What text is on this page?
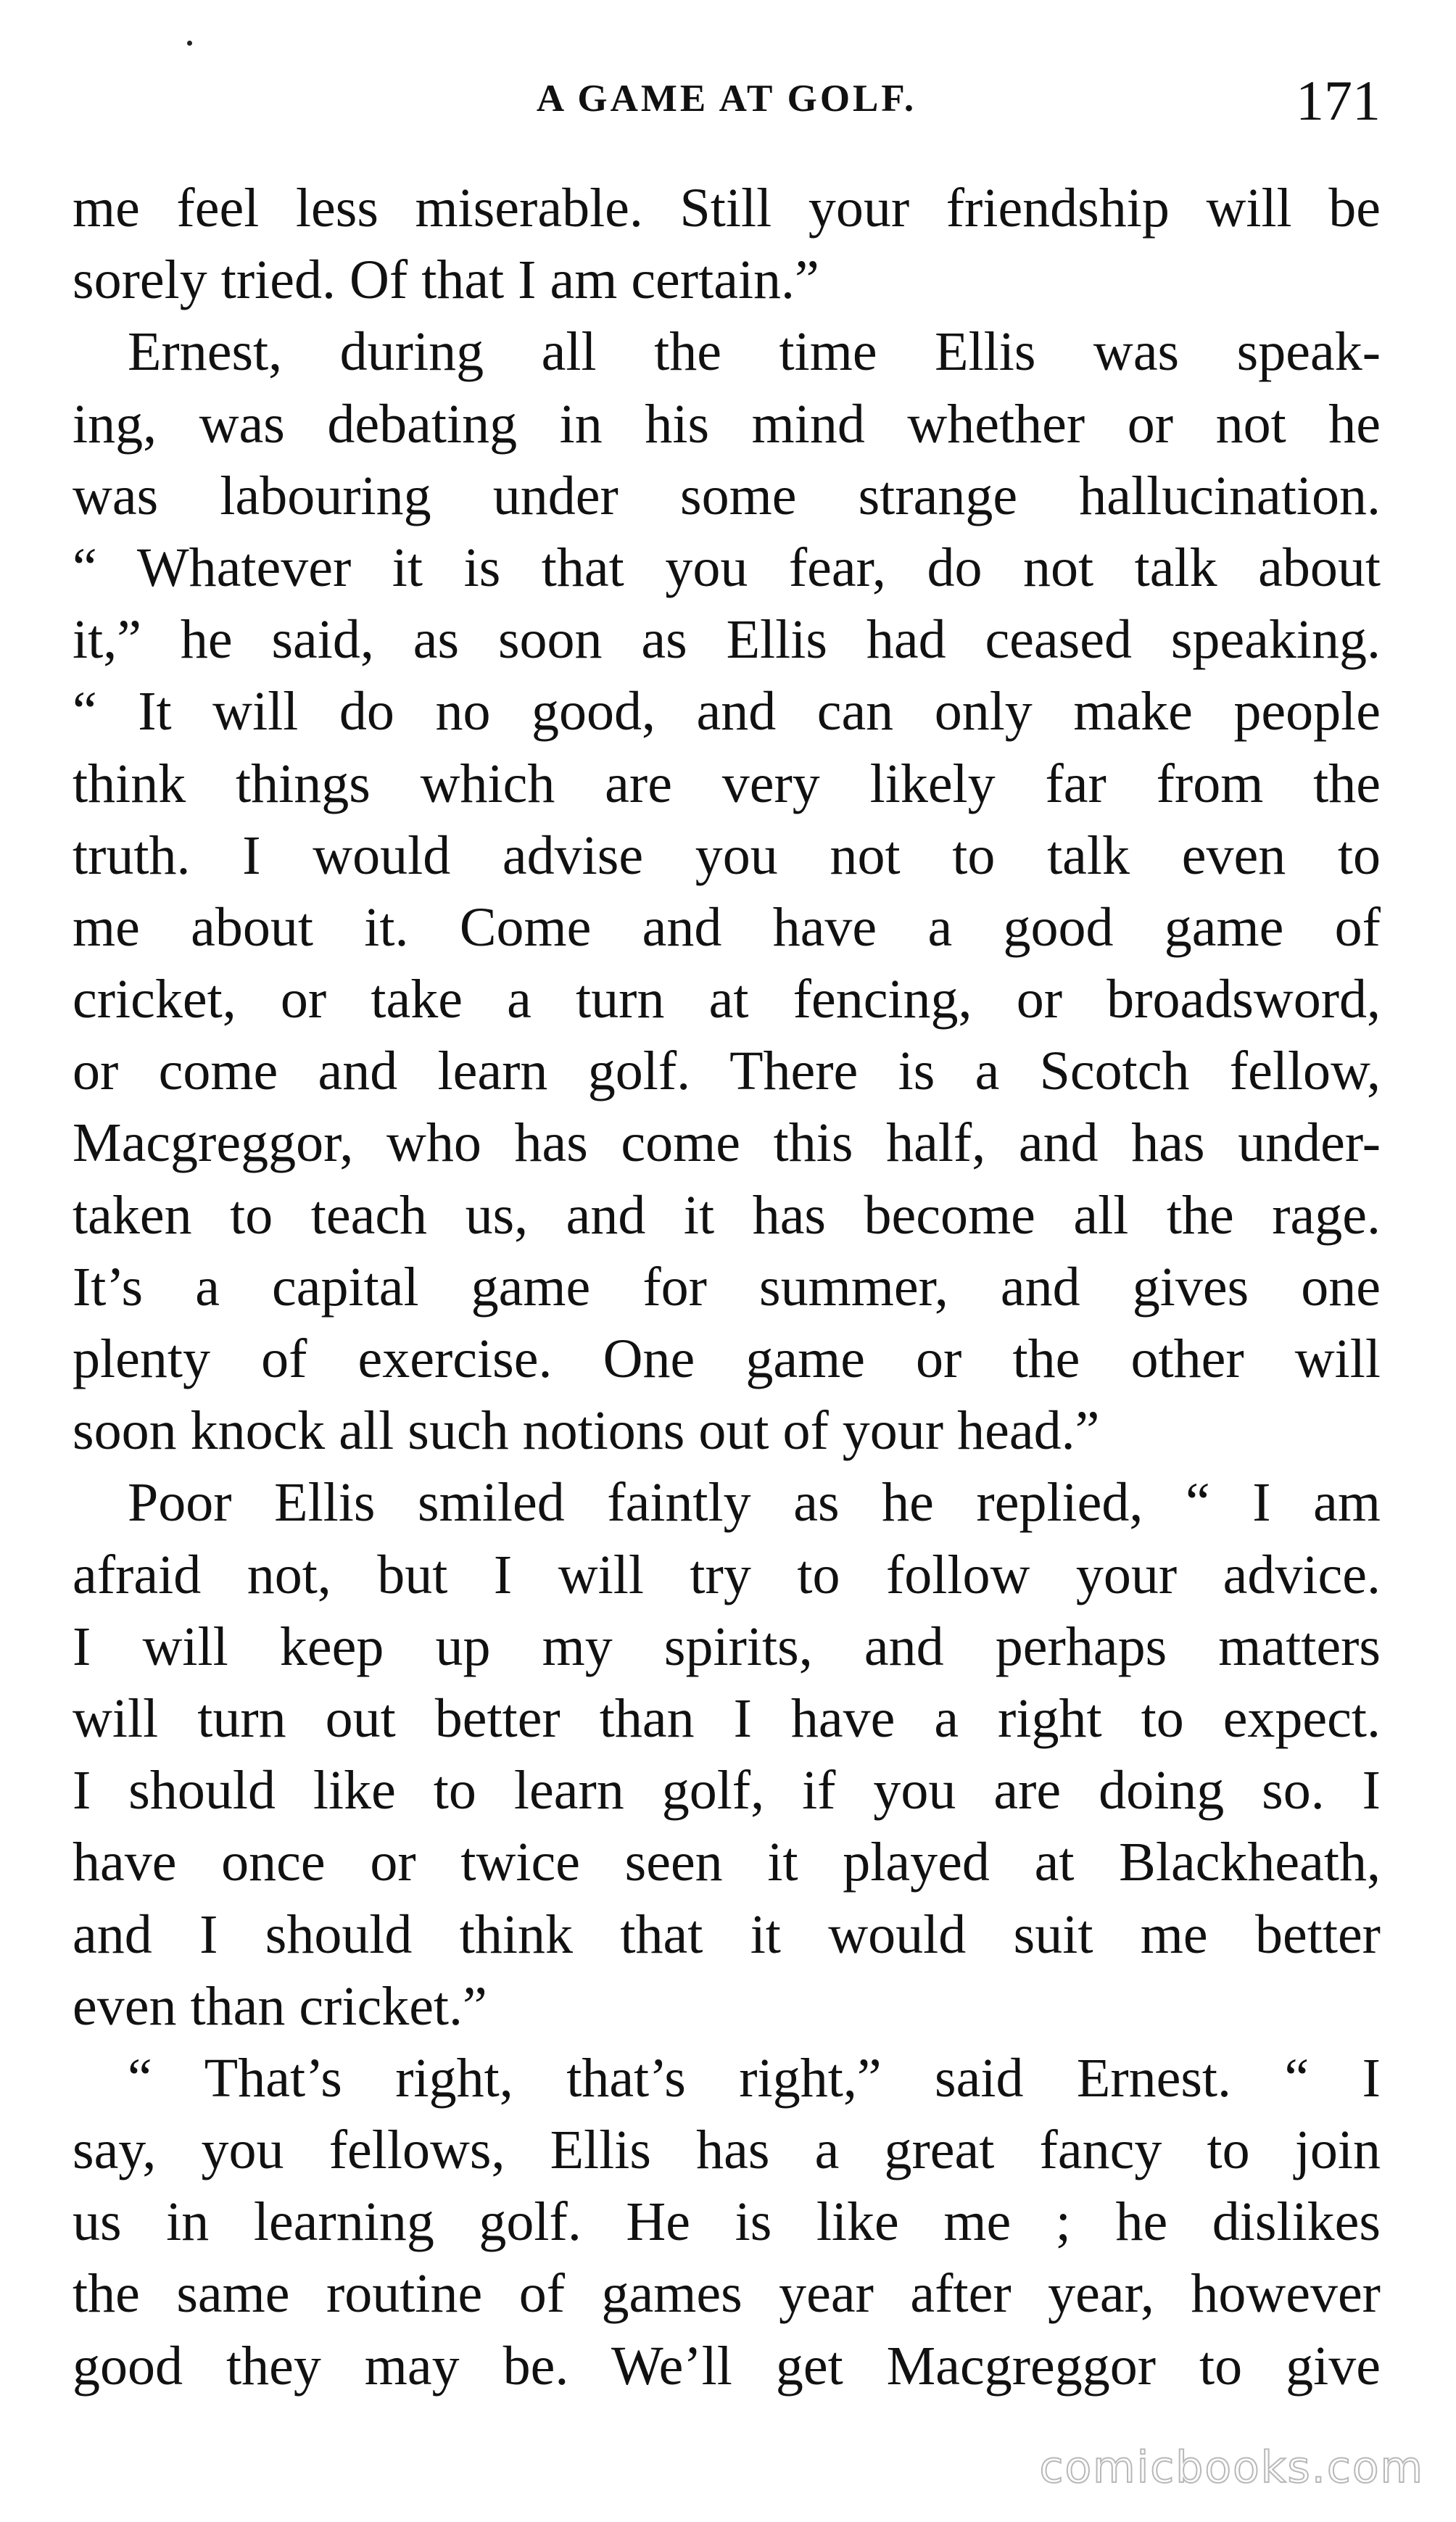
A GAME AT GOLF.	171
me feel less miserable. Still your friendship will be
sorely tried. Of that I am certain.”
Ernest, during all the time Ellis was speak-
ing, was debating in his mind whether or not he
was labouring under some strange hallucination.
“ Whatever it is that you fear, do not talk about
it,” he said, as soon as Ellis had ceased speaking.
“ It will do no good, and can only make people
think things which are very likely far from the
truth. I would advise you not to talk even to
me about it. Come and have a good game of
cricket, or take a turn at fencing, or broadsword,
or come and learn golf. There is a Scotch fellow,
Macgreggor, who has come this half, and has under-
taken to teach us, and it has become all the rage.
It’s a capital game for summer, and gives one
plenty of exercise. One game or the other will
soon knock all such notions out of your head.”
Poor Ellis smiled faintly as he replied, “ I am
afraid not, but I will try to follow your advice.
I will keep up my spirits, and perhaps matters
will turn out better than I have a right to expect.
I should like to learn golf, if you are doing so. I
have once or twice seen it played at Blackheath,
and I should think that it would suit me better
even than cricket.”
“ That’s right, that’s right,” said Ernest. “ I
say, you fellows, Ellis has a great fancy to join
us in learning golf. He is like me ; he dislikes
the same routine of games year after year, however
good they may be. We’ll get Macgreggor to give
comicbooks.com
